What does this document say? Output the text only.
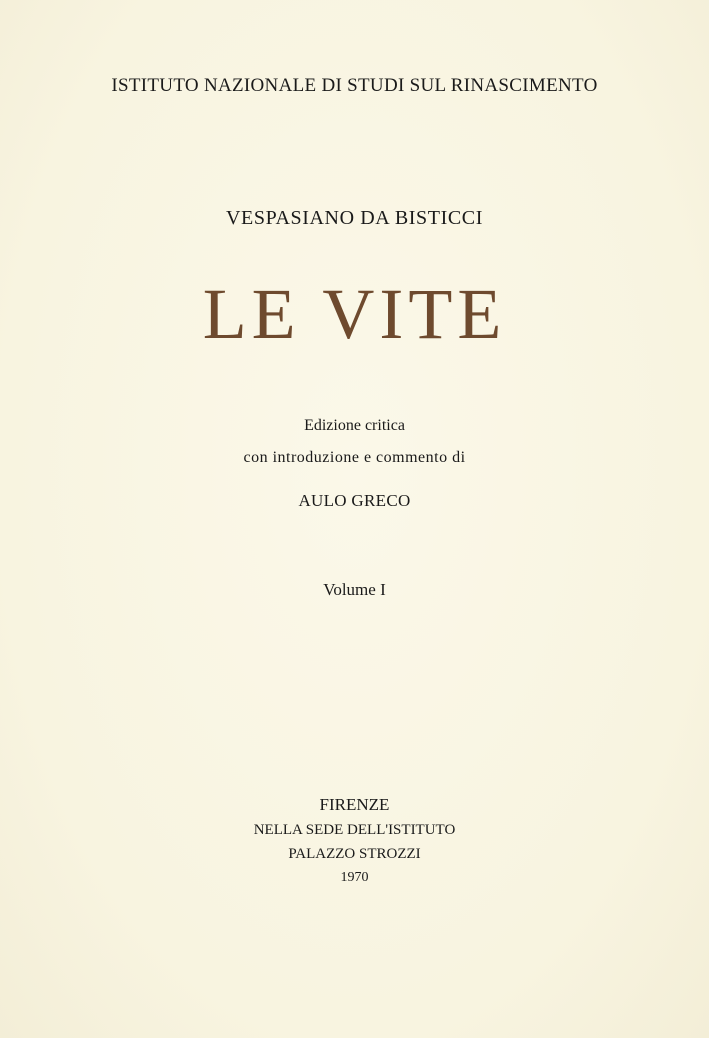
ISTITUTO NAZIONALE DI STUDI SUL RINASCIMENTO
VESPASIANO DA BISTICCI
LE VITE
Edizione critica
con introduzione e commento di
AULO GRECO
Volume I
FIRENZE
NELLA SEDE DELL'ISTITUTO
PALAZZO STROZZI
1970
